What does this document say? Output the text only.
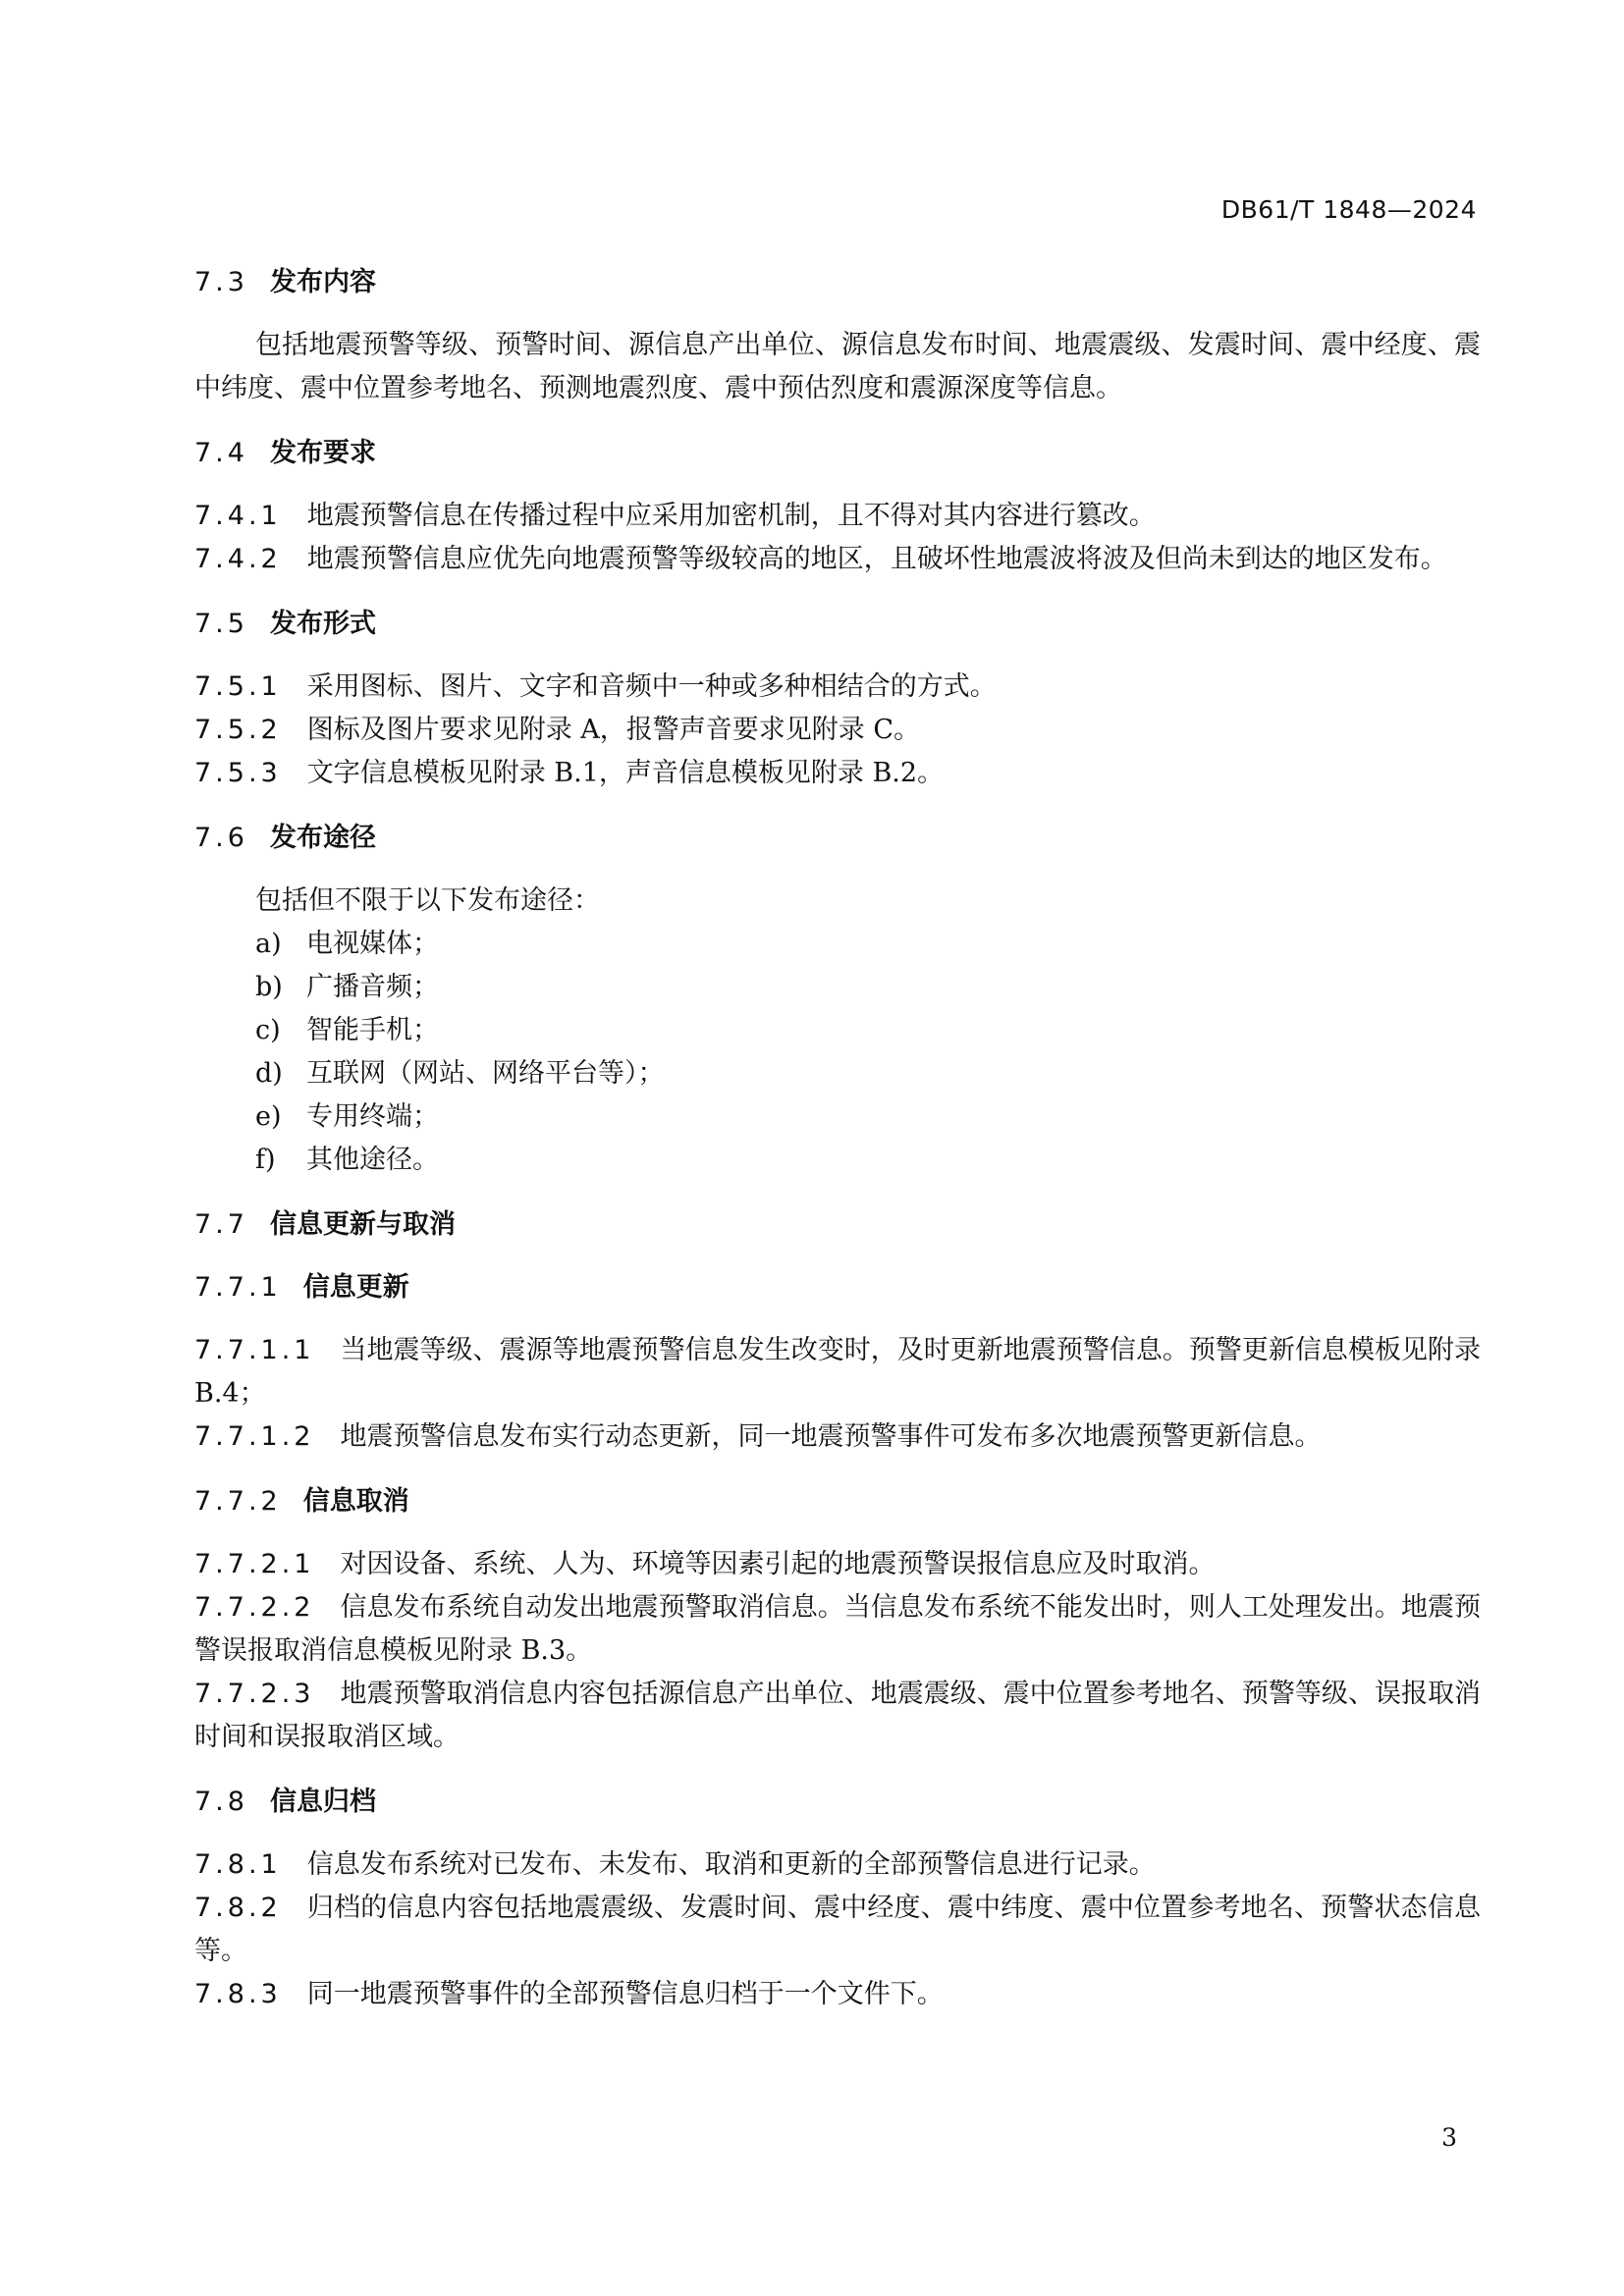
DB61/T 1848—2024
7.3 发布内容

包括地震预警等级、预警时间、源信息产出单位、源信息发布时间、地震震级、发震时间、震中经度、震中纬度、震中位置参考地名、预测地震烈度、震中预估烈度和震源深度等信息。

7.4 发布要求

7.4.1 地震预警信息在传播过程中应采用加密机制，且不得对其内容进行篡改。

7.4.2 地震预警信息应优先向地震预警等级较高的地区，且破坏性地震波将波及但尚未到达的地区发布。

7.5 发布形式

7.5.1 采用图标、图片、文字和音频中一种或多种相结合的方式。

7.5.2 图标及图片要求见附录 A，报警声音要求见附录 C。

7.5.3 文字信息模板见附录 B.1，声音信息模板见附录 B.2。

7.6 发布途径

包括但不限于以下发布途径：

a) 电视媒体；

b) 广播音频；

c) 智能手机；

d) 互联网（网站、网络平台等）；

e) 专用终端；

f) 其他途径。

7.7 信息更新与取消
7.7.1 信息更新

7.7.1.1 当地震等级、震源等地震预警信息发生改变时，及时更新地震预警信息。预警更新信息模板见附录 B.4；

7.7.1.2 地震预警信息发布实行动态更新，同一地震预警事件可发布多次地震预警更新信息。

7.7.2 信息取消

7.7.2.1 对因设备、系统、人为、环境等因素引起的地震预警误报信息应及时取消。

7.7.2.2 信息发布系统自动发出地震预警取消信息。当信息发布系统不能发出时，则人工处理发出。地震预警误报取消信息模板见附录 B.3。

7.7.2.3 地震预警取消信息内容包括源信息产出单位、地震震级、震中位置参考地名、预警等级、误报取消时间和误报取消区域。

7.8 信息归档

7.8.1 信息发布系统对已发布、未发布、取消和更新的全部预警信息进行记录。

7.8.2 归档的信息内容包括地震震级、发震时间、震中经度、震中纬度、震中位置参考地名、预警状态信息等。

7.8.3 同一地震预警事件的全部预警信息归档于一个文件下。

3
